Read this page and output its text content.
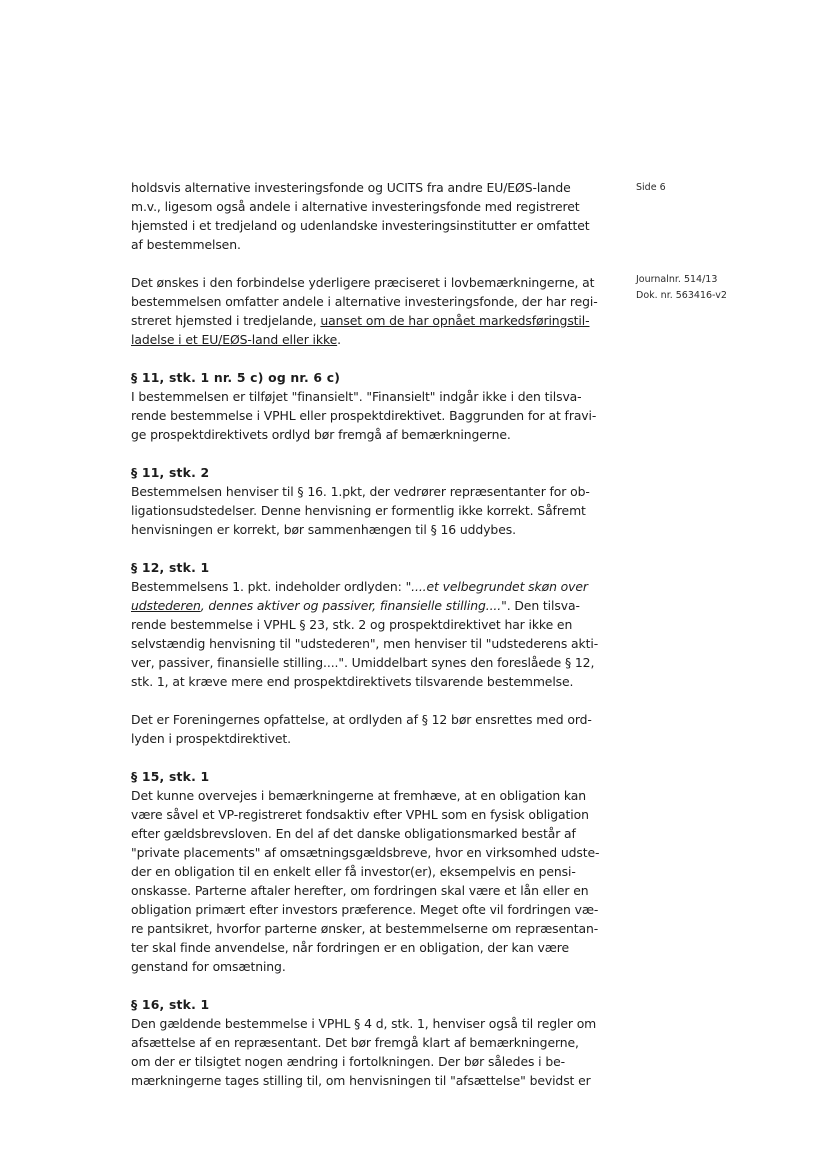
Side 6
Journalnr. 514/13
Dok. nr. 563416-v2

holdsvis alternative investeringsfonde og UCITS fra andre EU/EØS-lande
m.v., ligesom også andele i alternative investeringsfonde med registreret
hjemsted i et tredjeland og udenlandske investeringsinstitutter er omfattet
af bestemmelsen.

Det ønskes i den forbindelse yderligere præciseret i lovbemærkningerne, at
bestemmelsen omfatter andele i alternative investeringsfonde, der har regi-
streret hjemsted i tredjelande, uanset om de har opnået markedsføringstil-
ladelse i et EU/EØS-land eller ikke.

§ 11, stk. 1 nr. 5 c) og nr. 6 c)
I bestemmelsen er tilføjet "finansielt". "Finansielt" indgår ikke i den tilsva-
rende bestemmelse i VPHL eller prospektdirektivet. Baggrunden for at fravi-
ge prospektdirektivets ordlyd bør fremgå af bemærkningerne.

§ 11, stk. 2
Bestemmelsen henviser til § 16. 1.pkt, der vedrører repræsentanter for ob-
ligationsudstedelser. Denne henvisning er formentlig ikke korrekt. Såfremt
henvisningen er korrekt, bør sammenhængen til § 16 uddybes.

§ 12, stk. 1
Bestemmelsens 1. pkt. indeholder ordlyden: "....et velbegrundet skøn over
udstederen, dennes aktiver og passiver, finansielle stilling....". Den tilsva-
rende bestemmelse i VPHL § 23, stk. 2 og prospektdirektivet har ikke en
selvstændig henvisning til "udstederen", men henviser til "udstederens akti-
ver, passiver, finansielle stilling....". Umiddelbart synes den foreslåede § 12,
stk. 1, at kræve mere end prospektdirektivets tilsvarende bestemmelse.

Det er Foreningernes opfattelse, at ordlyden af § 12 bør ensrettes med ord-
lyden i prospektdirektivet.

§ 15, stk. 1
Det kunne overvejes i bemærkningerne at fremhæve, at en obligation kan
være såvel et VP-registreret fondsaktiv efter VPHL som en fysisk obligation
efter gældsbrevsloven. En del af det danske obligationsmarked består af
"private placements" af omsætningsgældsbreve, hvor en virksomhed udste-
der en obligation til en enkelt eller få investor(er), eksempelvis en pensi-
onskasse. Parterne aftaler herefter, om fordringen skal være et lån eller en
obligation primært efter investors præference. Meget ofte vil fordringen væ-
re pantsikret, hvorfor parterne ønsker, at bestemmelserne om repræsentan-
ter skal finde anvendelse, når fordringen er en obligation, der kan være
genstand for omsætning.

§ 16, stk. 1
Den gældende bestemmelse i VPHL § 4 d, stk. 1, henviser også til regler om
afsættelse af en repræsentant. Det bør fremgå klart af bemærkningerne,
om der er tilsigtet nogen ændring i fortolkningen. Der bør således i be-
mærkningerne tages stilling til, om henvisningen til "afsættelse" bevidst er
